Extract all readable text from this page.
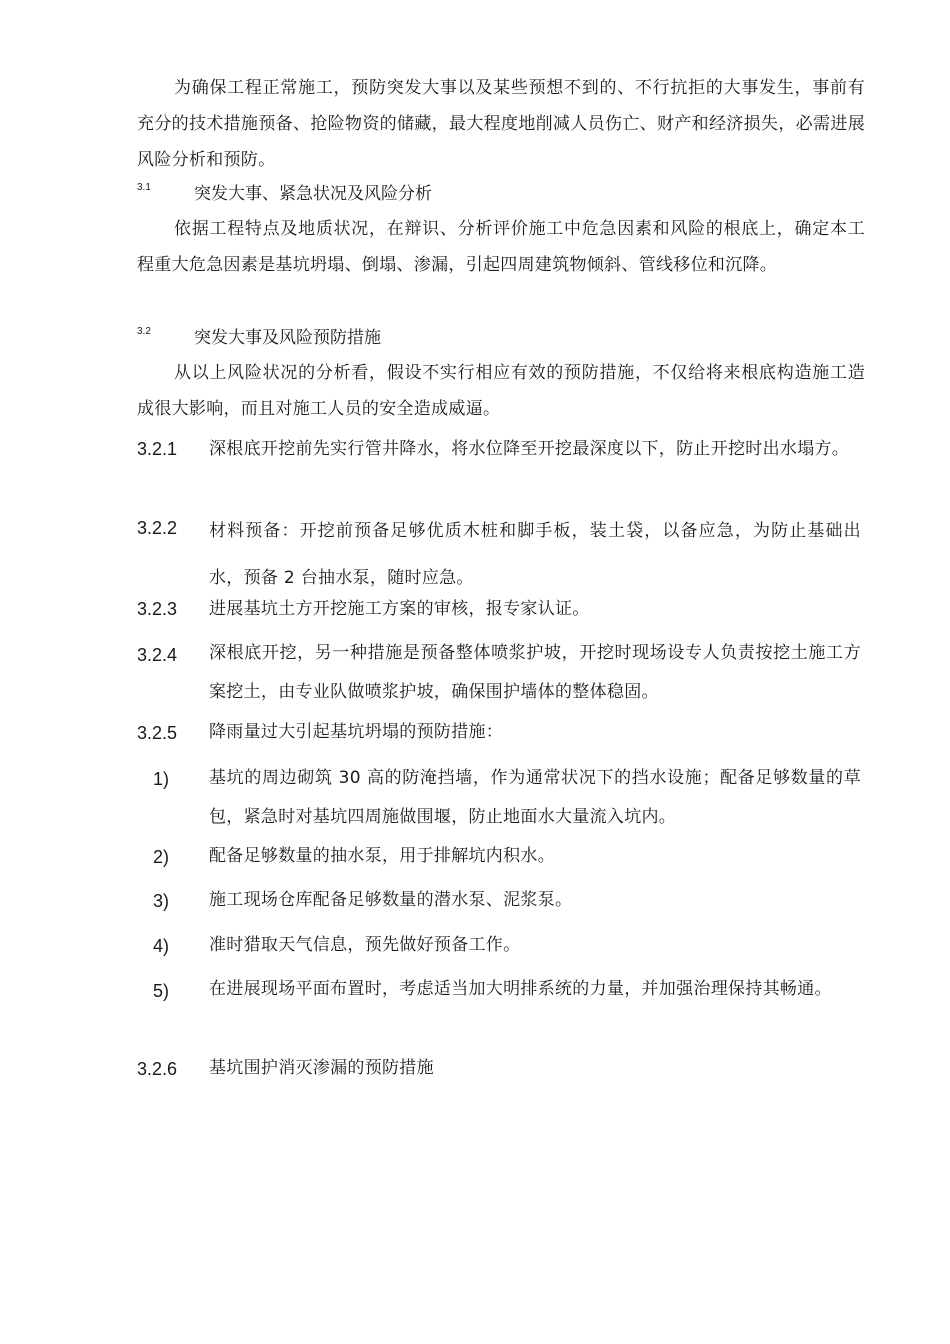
为确保工程正常施工，预防突发大事以及某些预想不到的、不行抗拒的大事发生，事前有充分的技术措施预备、抢险物资的储藏，最大程度地削减人员伤亡、财产和经济损失，必需进展风险分析和预防。

3.1	突发大事、紧急状况及风险分析

依据工程特点及地质状况，在辩识、分析评价施工中危急因素和风险的根底上，确定本工程重大危急因素是基坑坍塌、倒塌、渗漏，引起四周建筑物倾斜、管线移位和沉降。

3.2	突发大事及风险预防措施

从以上风险状况的分析看，假设不实行相应有效的预防措施，不仅给将来根底构造施工造成很大影响，而且对施工人员的安全造成威逼。

3.2.1 深根底开挖前先实行管井降水，将水位降至开挖最深度以下，防止开挖时出水塌方。

3.2.2 材料预备：开挖前预备足够优质木桩和脚手板，装土袋，以备应急，为防止基础出水，预备 2 台抽水泵，随时应急。

3.2.3 进展基坑土方开挖施工方案的审核，报专家认证。

3.2.4 深根底开挖，另一种措施是预备整体喷浆护坡，开挖时现场设专人负责按挖土施工方案挖土，由专业队做喷浆护坡，确保围护墙体的整体稳固。

3.2.5 降雨量过大引起基坑坍塌的预防措施：

1) 基坑的周边砌筑 30 高的防淹挡墙，作为通常状况下的挡水设施；配备足够数量的草包，紧急时对基坑四周施做围堰，防止地面水大量流入坑内。

2) 配备足够数量的抽水泵，用于排解坑内积水。

3) 施工现场仓库配备足够数量的潜水泵、泥浆泵。

4) 准时猎取天气信息，预先做好预备工作。

5) 在进展现场平面布置时，考虑适当加大明排系统的力量，并加强治理保持其畅通。

3.2.6 基坑围护消灭渗漏的预防措施
